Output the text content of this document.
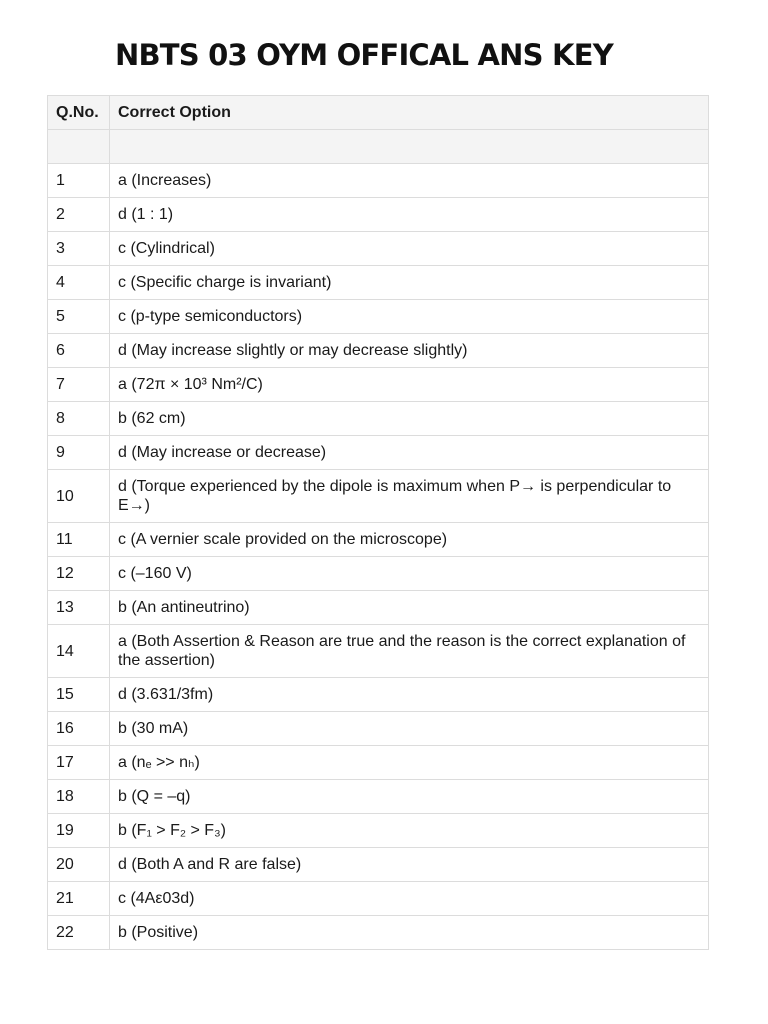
NBTS 03 OYM OFFICAL ANS KEY
Q.No.	Correct Option

1	a (Increases)
2	d (1 : 1)
3	c (Cylindrical)
4	c (Specific charge is invariant)
5	c (p-type semiconductors)
6	d (May increase slightly or may decrease slightly)
7	a (72π × 10³ Nm²/C)
8	b (62 cm)
9	d (May increase or decrease)
10	d (Torque experienced by the dipole is maximum when P→ is perpendicular to E→)
11	c (A vernier scale provided on the microscope)
12	c (–160 V)
13	b (An antineutrino)
14	a (Both Assertion & Reason are true and the reason is the correct explanation of the assertion)
15	d (3.631/3fm)
16	b (30 mA)
17	a (nₑ >> nₕ)
18	b (Q = –q)
19	b (F₁ > F₂ > F₃)
20	d (Both A and R are false)
21	c (4Aε03d)
22	b (Positive)
